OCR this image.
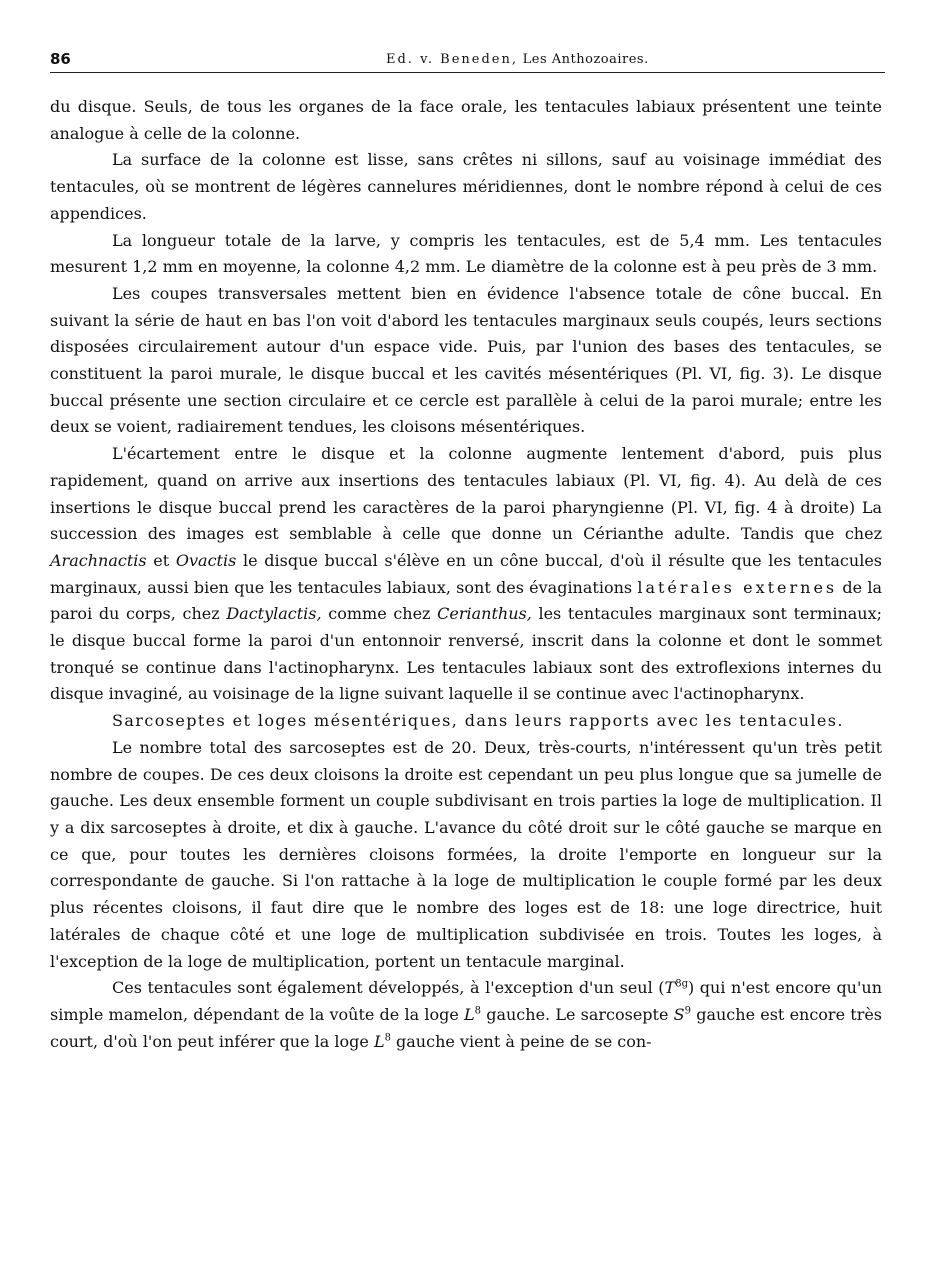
86	Ed. v. Beneden, Les Anthozoaires.

du disque. Seuls, de tous les organes de la face orale, les tentacules labiaux présentent une teinte analogue à celle de la colonne.

La surface de la colonne est lisse, sans crêtes ni sillons, sauf au voisinage immédiat des tentacules, où se montrent de légères cannelures méridiennes, dont le nombre répond à celui de ces appendices.

La longueur totale de la larve, y compris les tentacules, est de 5,4 mm. Les tentacules mesurent 1,2 mm en moyenne, la colonne 4,2 mm. Le diamètre de la colonne est à peu près de 3 mm.

Les coupes transversales mettent bien en évidence l'absence totale de cône buccal. En suivant la série de haut en bas l'on voit d'abord les tentacules marginaux seuls coupés, leurs sections disposées circulairement autour d'un espace vide. Puis, par l'union des bases des tentacules, se constituent la paroi murale, le disque buccal et les cavités mésentériques (Pl. VI, fig. 3). Le disque buccal présente une section circulaire et ce cercle est parallèle à celui de la paroi murale; entre les deux se voient, radiairement tendues, les cloisons mésentériques.

L'écartement entre le disque et la colonne augmente lentement d'abord, puis plus rapidement, quand on arrive aux insertions des tentacules labiaux (Pl. VI, fig. 4). Au delà de ces insertions le disque buccal prend les caractères de la paroi pharyngienne (Pl. VI, fig. 4 à droite) La succession des images est semblable à celle que donne un Cérianthe adulte. Tandis que chez Arachnactis et Ovactis le disque buccal s'élève en un cône buccal, d'où il résulte que les tentacules marginaux, aussi bien que les tentacules labiaux, sont des évaginations latérales externes de la paroi du corps, chez Dactylactis, comme chez Cerianthus, les tentacules marginaux sont terminaux; le disque buccal forme la paroi d'un entonnoir renversé, inscrit dans la colonne et dont le sommet tronqué se continue dans l'actinopharynx. Les tentacules labiaux sont des extroflexions internes du disque invaginé, au voisinage de la ligne suivant laquelle il se continue avec l'actinopharynx.

Sarcoseptes et loges mésentériques, dans leurs rapports avec les tentacules.

Le nombre total des sarcoseptes est de 20. Deux, très-courts, n'intéressent qu'un très petit nombre de coupes. De ces deux cloisons la droite est cependant un peu plus longue que sa jumelle de gauche. Les deux ensemble forment un couple subdivisant en trois parties la loge de multiplication. Il y a dix sarcoseptes à droite, et dix à gauche. L'avance du côté droit sur le côté gauche se marque en ce que, pour toutes les dernières cloisons formées, la droite l'emporte en longueur sur la correspondante de gauche. Si l'on rattache à la loge de multiplication le couple formé par les deux plus récentes cloisons, il faut dire que le nombre des loges est de 18: une loge directrice, huit latérales de chaque côté et une loge de multiplication subdivisée en trois. Toutes les loges, à l'exception de la loge de multiplication, portent un tentacule marginal.

Ces tentacules sont également développés, à l'exception d'un seul $(T^{8g})$ qui n'est encore qu'un simple mamelon, dépendant de la voûte de la loge $L^8$ gauche. Le sarcosepte $S^9$ gauche est encore très court, d'où l'on peut inférer que la loge $L^8$ gauche vient à peine de se con-
